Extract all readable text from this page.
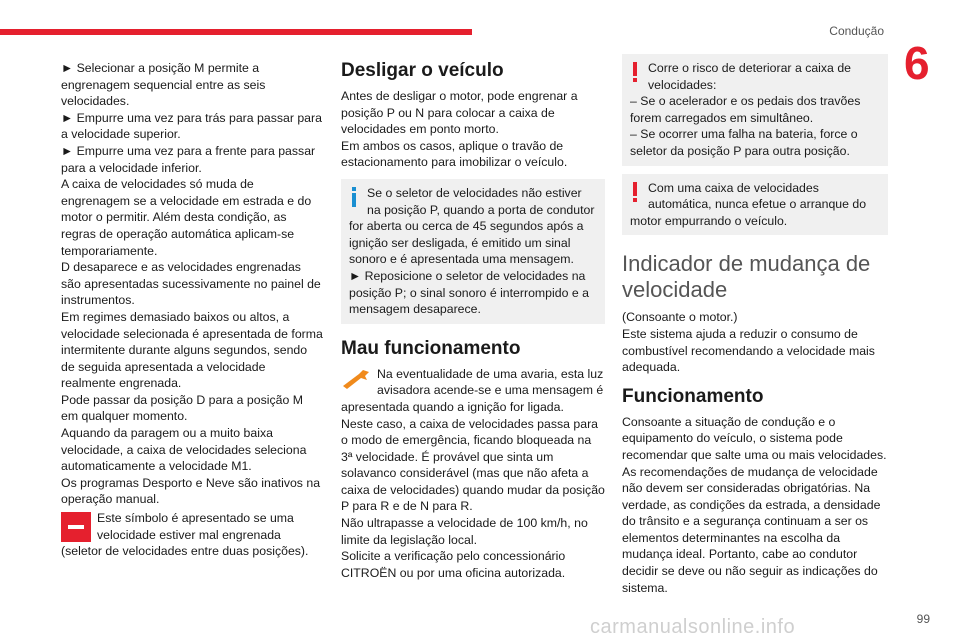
Condução
6

► Selecionar a posição M permite a engrenagem sequencial entre as seis velocidades.

► Empurre uma vez para trás para passar para a velocidade superior.

► Empurre uma vez para a frente para passar para a velocidade inferior.

A caixa de velocidades só muda de engrenagem se a velocidade em estrada e do motor o permitir. Além desta condição, as regras de operação automática aplicam-se temporariamente.

D desaparece e as velocidades engrenadas são apresentadas sucessivamente no painel de instrumentos.

Em regimes demasiado baixos ou altos, a velocidade selecionada é apresentada de forma intermitente durante alguns segundos, sendo de seguida apresentada a velocidade realmente engrenada.

Pode passar da posição D para a posição M em qualquer momento.

Aquando da paragem ou a muito baixa velocidade, a caixa de velocidades seleciona automaticamente a velocidade M1.

Os programas Desporto e Neve são inativos na operação manual.

Este símbolo é apresentado se uma velocidade estiver mal engrenada (seletor de velocidades entre duas posições).

Desligar o veículo

Antes de desligar o motor, pode engrenar a posição P ou N para colocar a caixa de velocidades em ponto morto.

Em ambos os casos, aplique o travão de estacionamento para imobilizar o veículo.

Se o seletor de velocidades não estiver na posição P, quando a porta de condutor for aberta ou cerca de 45 segundos após a ignição ser desligada, é emitido um sinal sonoro e é apresentada uma mensagem.

► Reposicione o seletor de velocidades na posição P; o sinal sonoro é interrompido e a mensagem desaparece.

Mau funcionamento

Na eventualidade de uma avaria, esta luz avisadora acende-se e uma mensagem é apresentada quando a ignição for ligada.

Neste caso, a caixa de velocidades passa para o modo de emergência, ficando bloqueada na 3ª velocidade. É provável que sinta um solavanco considerável (mas que não afeta a caixa de velocidades) quando mudar da posição P para R e de N para R.

Não ultrapasse a velocidade de 100 km/h, no limite da legislação local.

Solicite a verificação pelo concessionário CITROËN ou por uma oficina autorizada.

Corre o risco de deteriorar a caixa de velocidades:

– Se o acelerador e os pedais dos travões forem carregados em simultâneo.

– Se ocorrer uma falha na bateria, force o seletor da posição P para outra posição.

Com uma caixa de velocidades automática, nunca efetue o arranque do motor empurrando o veículo.

Indicador de mudança de velocidade

(Consoante o motor.)

Este sistema ajuda a reduzir o consumo de combustível recomendando a velocidade mais adequada.

Funcionamento

Consoante a situação de condução e o equipamento do veículo, o sistema pode recomendar que salte uma ou mais velocidades.

As recomendações de mudança de velocidade não devem ser consideradas obrigatórias. Na verdade, as condições da estrada, a densidade do trânsito e a segurança continuam a ser os elementos determinantes na escolha da mudança ideal. Portanto, cabe ao condutor decidir se deve ou não seguir as indicações do sistema.

carmanualsonline.info	99
